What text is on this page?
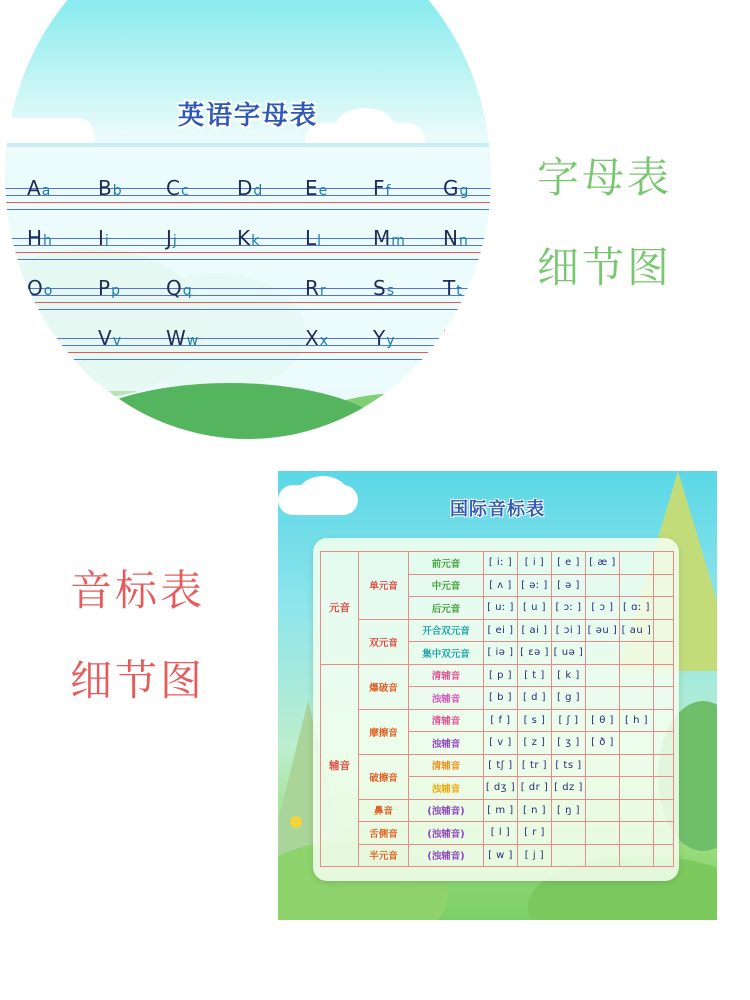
英语字母表
A a B b C c D d E e F f	G g
H h I i	J j	K k L l	M m N n
O o P p Q q	R r S s T t
U u V v W w	X x Y y Z z
字母表
细节图
音标表
细节图
国际音标表
元音	单元音	前元音	[ iː ]	[ i ]	[ e ]	[ æ ]		
		中元音	[ ʌ ]	[ əː ]	[ ə ]			
		后元音	[ uː ]	[ u ]	[ ɔː ]	[ ɔ ]	[ ɑː ]	
	双元音	开合双元音	[ ei ]	[ ai ]	[ ɔi ]	[ əu ]	[ au ]	
		集中双元音	[ iə ]	[ ɛə ]	[ uə ]			
辅音	爆破音	清辅音	[ p ]	[ t ]	[ k ]			
		浊辅音	[ b ]	[ d ]	[ g ]			
	摩擦音	清辅音	[ f ]	[ s ]	[ ʃ ]	[ θ ]	[ h ]	
		浊辅音	[ v ]	[ z ]	[ ʒ ]	[ ð ]		
	破擦音	清辅音	[ tʃ ]	[ tr ]	[ ts ]			
		浊辅音	[ dʒ ]	[ dr ]	[ dz ]			
	鼻音	(浊辅音)	[ m ]	[ n ]	[ ŋ ]			
	舌侧音	(浊辅音)	[ l ]	[ r ]				
	半元音	(浊辅音)	[ w ]	[ j ]				
